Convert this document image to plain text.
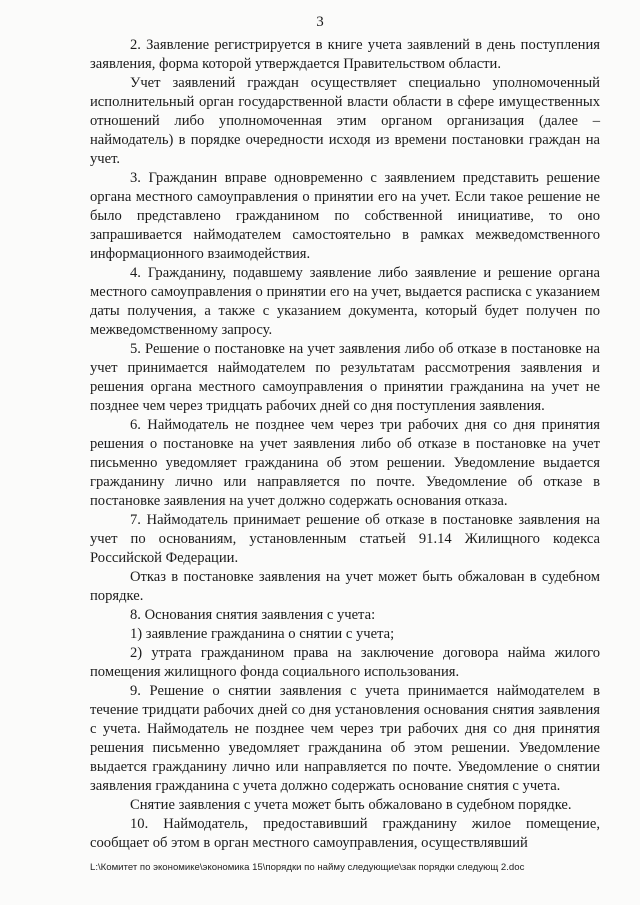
3

2. Заявление регистрируется в книге учета заявлений в день поступления заявления, форма которой утверждается Правительством области.

Учет заявлений граждан осуществляет специально уполномоченный исполнительный орган государственной власти области в сфере имущественных отношений либо уполномоченная этим органом организация (далее – наймодатель) в порядке очередности исходя из времени постановки граждан на учет.

3. Гражданин вправе одновременно с заявлением представить решение органа местного самоуправления о принятии его на учет. Если такое решение не было представлено гражданином по собственной инициативе, то оно запрашивается наймодателем самостоятельно в рамках межведомственного информационного взаимодействия.

4. Гражданину, подавшему заявление либо заявление и решение органа местного самоуправления о принятии его на учет, выдается расписка с указанием даты получения, а также с указанием документа, который будет получен по межведомственному запросу.

5. Решение о постановке на учет заявления либо об отказе в постановке на учет принимается наймодателем по результатам рассмотрения заявления и решения органа местного самоуправления о принятии гражданина на учет не позднее чем через тридцать рабочих дней со дня поступления заявления.

6. Наймодатель не позднее чем через три рабочих дня со дня принятия решения о постановке на учет заявления либо об отказе в постановке на учет письменно уведомляет гражданина об этом решении. Уведомление выдается гражданину лично или направляется по почте. Уведомление об отказе в постановке заявления на учет должно содержать основания отказа.

7. Наймодатель принимает решение об отказе в постановке заявления на учет по основаниям, установленным статьей 91.14 Жилищного кодекса Российской Федерации.

Отказ в постановке заявления на учет может быть обжалован в судебном порядке.

8. Основания снятия заявления с учета:

1) заявление гражданина о снятии с учета;

2) утрата гражданином права на заключение договора найма жилого помещения жилищного фонда социального использования.

9. Решение о снятии заявления с учета принимается наймодателем в течение тридцати рабочих дней со дня установления основания снятия заявления с учета. Наймодатель не позднее чем через три рабочих дня со дня принятия решения письменно уведомляет гражданина об этом решении. Уведомление выдается гражданину лично или направляется по почте. Уведомление о снятии заявления гражданина с учета должно содержать основание снятия с учета.

Снятие заявления с учета может быть обжаловано в судебном порядке.

10. Наймодатель, предоставивший гражданину жилое помещение, сообщает об этом в орган местного самоуправления, осуществлявший

L:\Комитет по экономике\экономика 15\порядки по найму следующие\зак порядки следующ 2.doc
